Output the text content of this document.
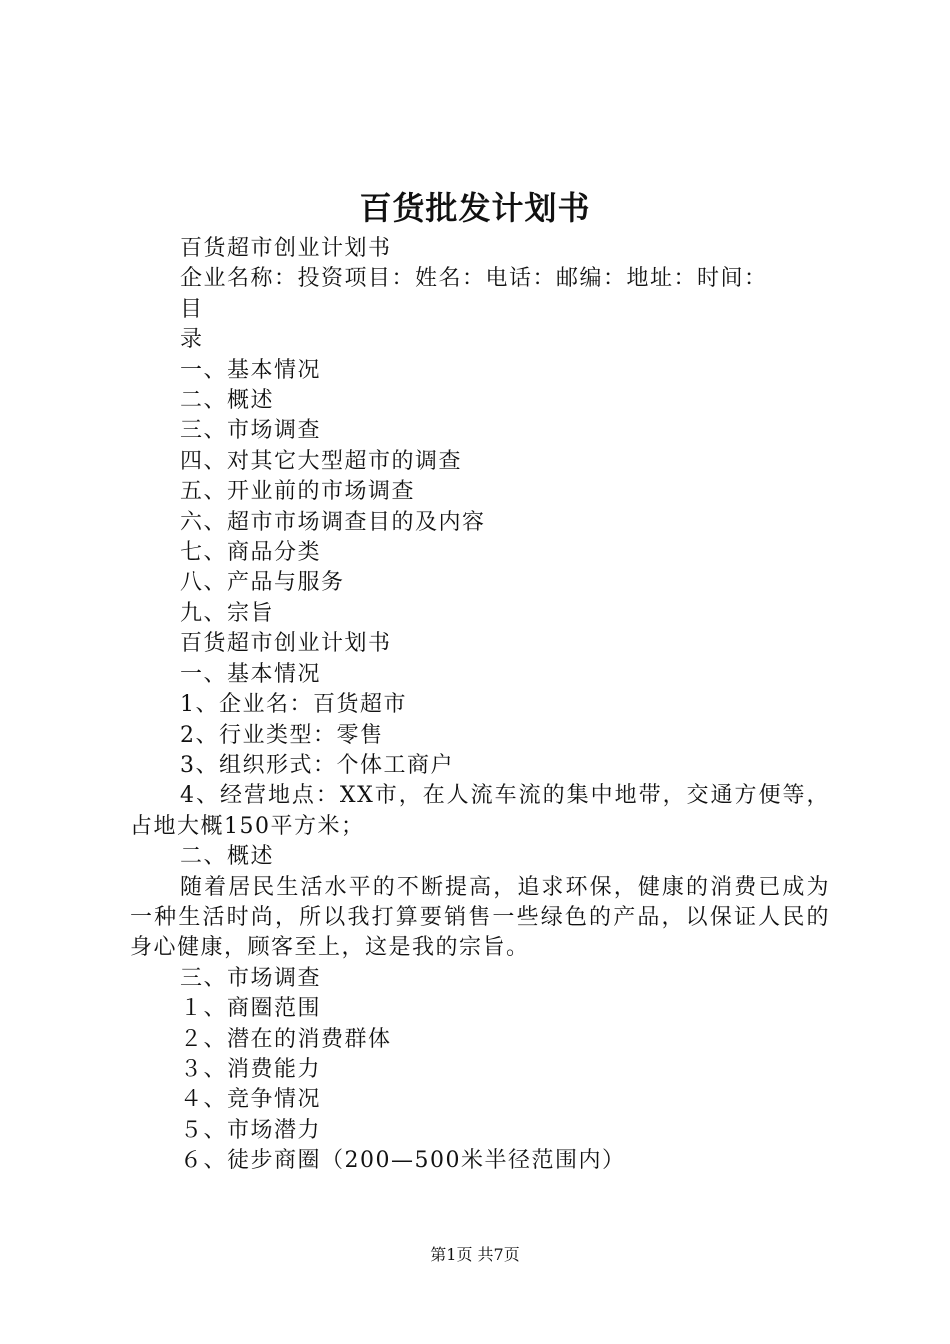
百货批发计划书

百货超市创业计划书

企业名称：投资项目：姓名：电话：邮编：地址：时间：

目

录

一、基本情况

二、概述

三、市场调查

四、对其它大型超市的调查

五、开业前的市场调查

六、超市市场调查目的及内容

七、商品分类

八、产品与服务

九、宗旨

百货超市创业计划书

一、基本情况

1、企业名：百货超市

2、行业类型：零售

3、组织形式：个体工商户

4、经营地点：XX市，在人流车流的集中地带，交通方便等，占地大概150平方米；

二、概述

随着居民生活水平的不断提高，追求环保，健康的消费已成为一种生活时尚，所以我打算要销售一些绿色的产品，以保证人民的身心健康，顾客至上，这是我的宗旨。

三、市场调查

１、商圈范围

２、潜在的消费群体

３、消费能力

４、竞争情况

５、市场潜力

６、徒步商圈（200—500米半径范围内）

第1页 共7页
